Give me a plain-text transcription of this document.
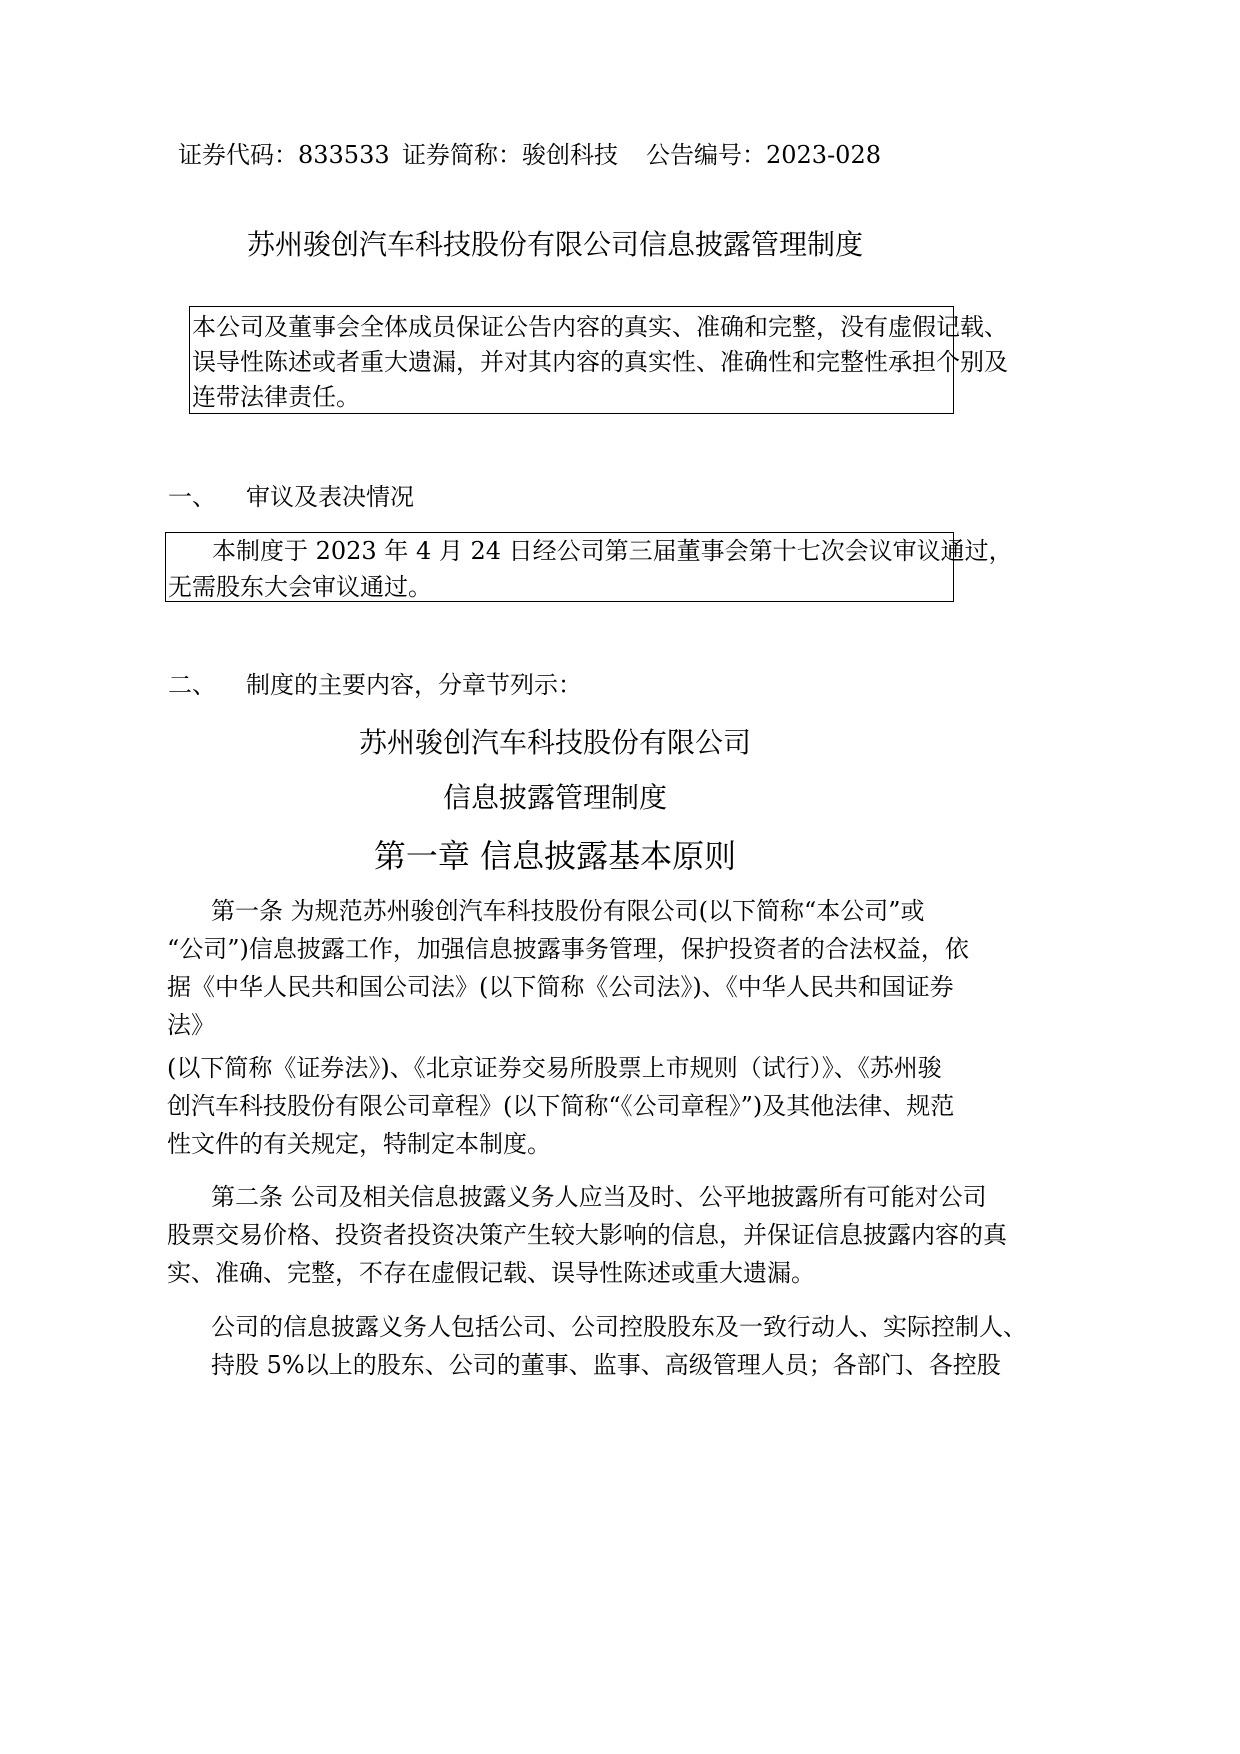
证券代码：833533 证券简称：骏创科技 公告编号：2023-028
苏州骏创汽车科技股份有限公司信息披露管理制度
本公司及董事会全体成员保证公告内容的真实、准确和完整，没有虚假记载、
误导性陈述或者重大遗漏，并对其内容的真实性、准确性和完整性承担个别及
连带法律责任。
一、 审议及表决情况
本制度于 2023 年 4 月 24 日经公司第三届董事会第十七次会议审议通过，
无需股东大会审议通过。
二、 制度的主要内容，分章节列示：
苏州骏创汽车科技股份有限公司
信息披露管理制度
第一章 信息披露基本原则
第一条 为规范苏州骏创汽车科技股份有限公司(以下简称“本公司”或
“公司”)信息披露工作，加强信息披露事务管理，保护投资者的合法权益，依
据《中华人民共和国公司法》(以下简称《公司法》)、《中华人民共和国证券
法》
(以下简称《证券法》)、《北京证券交易所股票上市规则（试行）》、《苏州骏
创汽车科技股份有限公司章程》(以下简称“《公司章程》”)及其他法律、规范
性文件的有关规定，特制定本制度。
第二条 公司及相关信息披露义务人应当及时、公平地披露所有可能对公司
股票交易价格、投资者投资决策产生较大影响的信息，并保证信息披露内容的真
实、准确、完整，不存在虚假记载、误导性陈述或重大遗漏。
公司的信息披露义务人包括公司、公司控股股东及一致行动人、实际控制人、
持股 5%以上的股东、公司的董事、监事、高级管理人员；各部门、各控股
